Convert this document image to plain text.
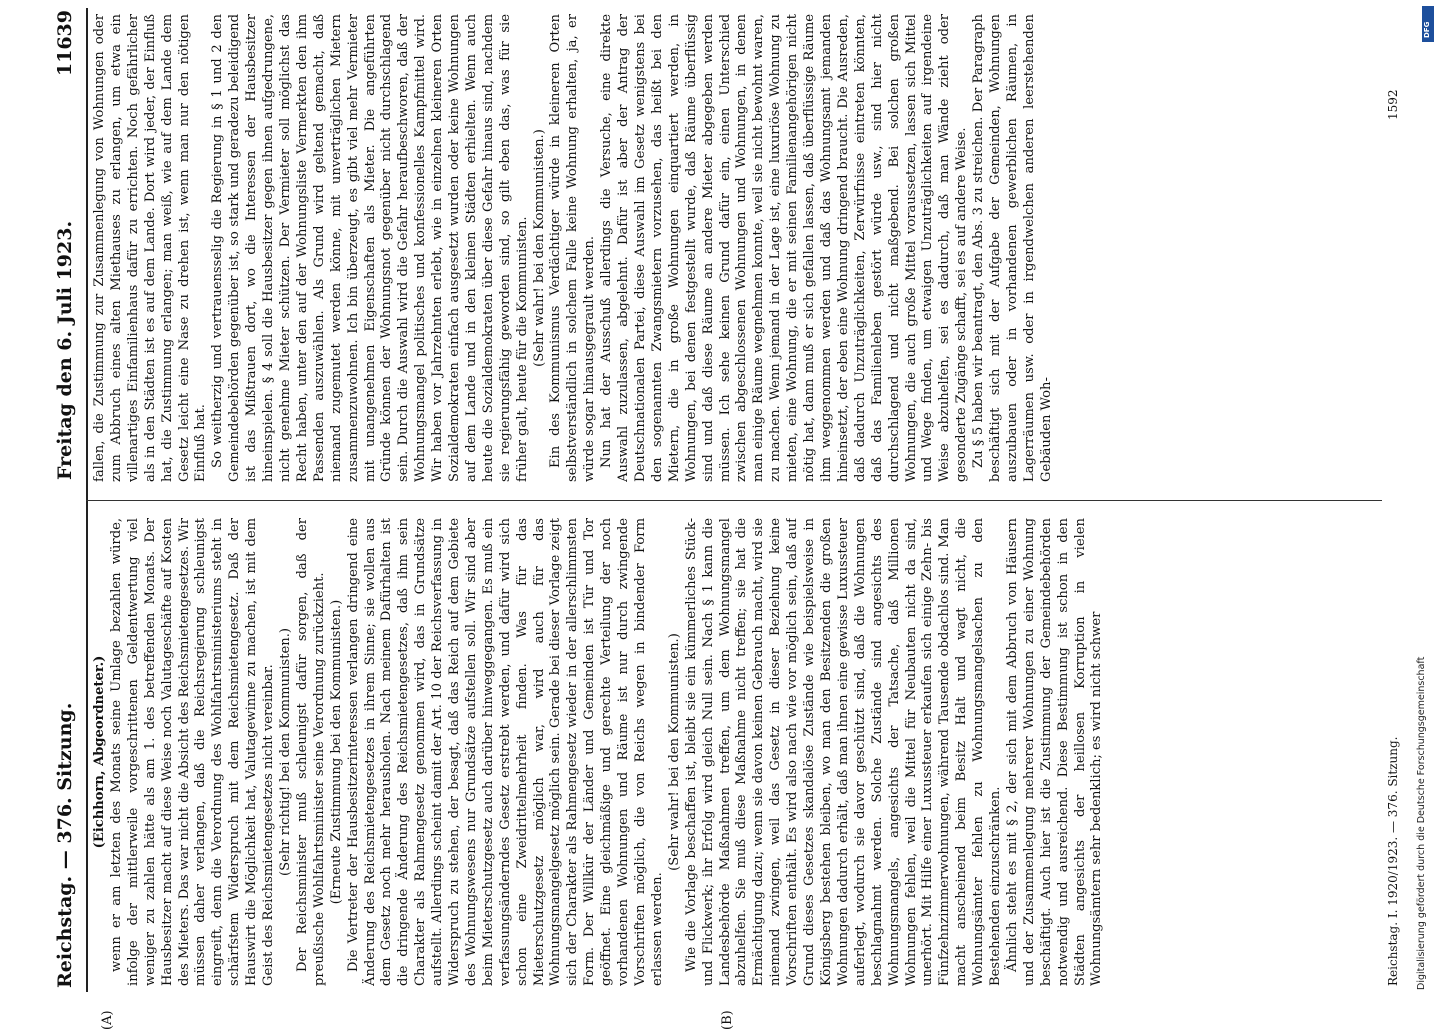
Reichstag. — 376. Sitzung.
Freitag den 6. Juli 1923.
11639
(A)	(B)

(Eichhorn, Abgeordneter.) wenn er am letzten des Monats seine Umlage bezahlen würde, infolge der mittlerweile vorgeschrittenen Geldentwertung viel weniger zu zahlen hätte als am 1. des betreffenden Monats. Der Hausbesitzer macht auf diese Weise noch Valutageschäfte auf Kosten des Mieters. Das war nicht die Absicht des Reichsmietengesetzes. Wir müssen daher verlangen, daß die Reichsregierung schleunigst eingreift, denn die Verordnung des Wohlfahrtsministeriums steht in schärfstem Widerspruch mit dem Reichsmietengesetz. Daß der Hauswirt die Möglichkeit hat, Valutagewinne zu machen, ist mit dem Geist des Reichsmietengesetzes nicht vereinbar. (Sehr richtig! bei den Kommunisten.) Der Reichsminister muß schleunigst dafür sorgen, daß der preußische Wohlfahrtsminister seine Verordnung zurückzieht. (Erneute Zustimmung bei den Kommunisten.) Die Vertreter der Hausbesitzerinteressen verlangen dringend eine Änderung des Reichsmietengesetzes in ihrem Sinne; sie wollen aus dem Gesetz noch mehr herausholen. Nach meinem Dafürhalten ist die dringende Änderung des Reichsmietengesetzes, daß ihm sein Charakter als Rahmengesetz genommen wird, das in Grundsätze aufstellt. Allerdings scheint damit der Art. 10 der Reichsverfassung in Widerspruch zu stehen, der besagt, daß das Reich auf dem Gebiete des Wohnungswesens nur Grundsätze aufstellen soll. Wir sind aber beim Mieterschutzgesetz auch darüber hinweggegangen. Es muß ein verfassungsänderndes Gesetz erstrebt werden, und dafür wird sich schon eine Zweidrittelmehrheit finden. Was für das Mieterschutzgesetz möglich war, wird auch für das Wohnungsmangelgesetz möglich sein. Gerade bei dieser Vorlage zeigt sich der Charakter als Rahmengesetz wieder in der allerschlimmsten Form. Der Willkür der Länder und Gemeinden ist Tür und Tor geöffnet. Eine gleichmäßige und gerechte Verteilung der noch vorhandenen Wohnungen und Räume ist nur durch zwingende Vorschriften möglich, die von Reichs wegen in bindender Form erlassen werden.

(Sehr wahr! bei den Kommunisten.) Wie die Vorlage beschaffen ist, bleibt sie ein kümmerliches Stück- und Flickwerk; ihr Erfolg wird gleich Null sein. Nach § 1 kann die Landesbehörde Maßnahmen treffen, um dem Wohnungsmangel abzuhelfen. Sie muß diese Maßnahme nicht treffen; sie hat die Ermächtigung dazu; wenn sie davon keinen Gebrauch macht, wird sie niemand zwingen, weil das Gesetz in dieser Beziehung keine Vorschriften enthält. Es wird also nach wie vor möglich sein, daß auf Grund dieses Gesetzes skandalöse Zustände wie beispielsweise in Königsberg bestehen bleiben, wo man den Besitzenden die großen Wohnungen dadurch erhält, daß man ihnen eine gewisse Luxussteuer auferlegt, wodurch sie davor geschützt sind, daß die Wohnungen beschlagnahmt werden. Solche Zustände sind angesichts des Wohnungsmangels, angesichts der Tatsache, daß Millionen Wohnungen fehlen, weil die Mittel für Neubauten nicht da sind, unerhört. Mit Hilfe einer Luxussteuer erkaufen sich einige Zehn- bis Fünfzehnzimmerwohnungen, während Tausende obdachlos sind. Man macht anscheinend beim Besitz Halt und wagt nicht, die Wohnungsämter fehlen zu Wohnungsmangelsachen zu den Bestehenden einzuschränken. Ähnlich steht es mit § 2, der sich mit dem Abbruch von Häusern und der Zusammenlegung mehrerer Wohnungen zu einer Wohnung beschäftigt. Auch hier ist die Zustimmung der Gemeindebehörden notwendig und ausreichend. Diese Bestimmung ist schon in den Städten angesichts der heillosen Korruption in vielen Wohnungsämtern sehr bedenklich; es wird nicht schwer

fallen, die Zustimmung zur Zusammenlegung von Wohnungen oder zum Abbruch eines alten Miethauses zu erlangen, um etwa ein villenartiges Einfamilienhaus dafür zu errichten. Noch gefährlicher als in den Städten ist es auf dem Lande. Dort wird jeder, der Einfluß hat, die Zustimmung erlangen; man weiß, wie auf dem Lande dem Gesetz leicht eine Nase zu drehen ist, wenn man nur den nötigen Einfluß hat. So weitherzig und vertrauensselig die Regierung in § 1 und 2 den Gemeindebehörden gegenüber ist, so stark und geradezu beleidigend ist das Mißtrauen dort, wo die Interessen der Hausbesitzer hineinspielen. § 4 soll die Hausbesitzer gegen ihnen aufgedrungene, nicht genehme Mieter schützen. Der Vermieter soll möglichst das Recht haben, unter den auf der Wohnungsliste Vermerkten den ihm Passenden auszuwählen. Als Grund wird geltend gemacht, daß niemand zugemutet werden könne, mit unverträglichen Mietern zusammenzuwohnen. Ich bin überzeugt, es gibt viel mehr Vermieter mit unangenehmen Eigenschaften als Mieter. Die angeführten Gründe können der Wohnungsnot gegenüber nicht durchschlagend sein. Durch die Auswahl wird die Gefahr heraufbeschworen, daß der Wohnungsmangel politisches und konfessionelles Kampfmittel wird. Wir haben vor Jahrzehnten erlebt, wie in einzelnen kleineren Orten Sozialdemokraten einfach ausgesetzt wurden oder keine Wohnungen auf dem Lande und in den kleinen Städten erhielten. Wenn auch heute die Sozialdemokraten über diese Gefahr hinaus sind, nachdem sie regierungsfähig geworden sind, so gilt eben das, was für sie früher galt, heute für die Kommunisten. (Sehr wahr! bei den Kommunisten.) Ein des Kommunismus Verdächtiger würde in kleineren Orten selbstverständlich in solchem Falle keine Wohnung erhalten, ja, er würde sogar hinausgegrault werden. Nun hat der Ausschuß allerdings die Versuche, eine direkte Auswahl zuzulassen, abgelehnt. Dafür ist aber der Antrag der Deutschnationalen Partei, diese Auswahl im Gesetz wenigstens bei den sogenannten Zwangsmietern vorzusehen, das heißt bei den Mietern, die in große Wohnungen einquartiert werden, in Wohnungen, bei denen festgestellt wurde, daß Räume überflüssig sind und daß diese Räume an andere Mieter abgegeben werden müssen. Ich sehe keinen Grund dafür ein, einen Unterschied zwischen abgeschlossenen Wohnungen und Wohnungen, in denen man einige Räume wegnehmen konnte, weil sie nicht bewohnt waren, zu machen. Wenn jemand in der Lage ist, eine luxuriöse Wohnung zu mieten, eine Wohnung, die er mit seinen Familienangehörigen nicht nötig hat, dann muß er sich gefallen lassen, daß überflüssige Räume ihm weggenommen werden und daß das Wohnungsamt jemanden hineinsetzt, der eben eine Wohnung dringend braucht. Die Ausreden, daß dadurch Unzuträglichkeiten, Zerwürfnisse eintreten könnten, daß das Familienleben gestört würde usw., sind hier nicht durchschlagend und nicht maßgebend. Bei solchen großen Wohnungen, die auch große Mittel voraussetzen, lassen sich Mittel und Wege finden, um etwaigen Unzuträglichkeiten auf irgendeine Weise abzuhelfen, sei es dadurch, daß man Wände zieht oder gesonderte Zugänge schafft, sei es auf andere Weise. Zu § 5 haben wir beantragt, den Abs. 3 zu streichen. Der Paragraph beschäftigt sich mit der Aufgabe der Gemeinden, Wohnungen auszubauen oder in vorhandenen gewerblichen Räumen, in Lagerräumen usw. oder in irgendwelchen anderen leerstehenden Gebäuden Woh-

Reichstag. I. 1920/1923. — 376. Sitzung.
1592
Digitalisierung gefördert durch die Deutsche Forschungsgemeinschaft
DFG
